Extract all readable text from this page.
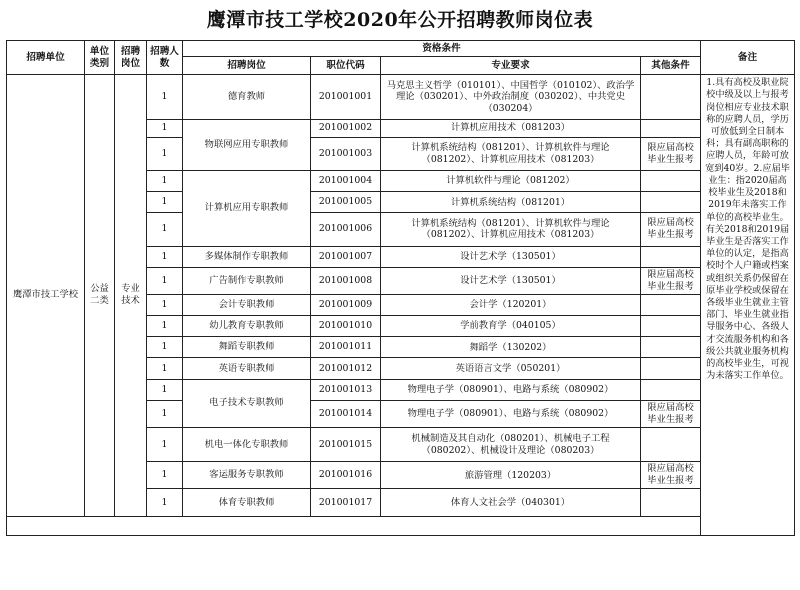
鹰潭市技工学校2020年公开招聘教师岗位表
招聘单位	单位类别	招聘岗位	招聘人数	资格条件				备注
				招聘岗位	职位代码	专业要求	其他条件	
鹰潭市技工学校	公益二类	专业技术	1	德育教师	201001001	马克思主义哲学（010101）、中国哲学（010102）、政治学理论（030201）、中外政治制度（030202）、中共党史（030204）		1.具有高校及职业院校中级及以上与报考岗位相应专业技术职称的应聘人员，学历可放低到全日制本科；具有副高职称的应聘人员，年龄可放宽到40岁。2.应届毕业生：指2020届高校毕业生及2018和2019年未落实工作单位的高校毕业生。有关2018和2019届毕业生是否落实工作单位的认定，是指高校时个人户籍或档案或组织关系仍保留在原毕业学校或保留在各级毕业生就业主管部门、毕业生就业指导服务中心、各级人才交流服务机构和各级公共就业服务机构的高校毕业生，可视为未落实工作单位。

			1	物联网应用专职教师	201001002	计算机应用技术（081203）		
			1		201001003	计算机系统结构（081201）、计算机软件与理论（081202）、计算机应用技术（081203）	限应届高校毕业生报考	
			1	计算机应用专职教师	201001004	计算机软件与理论（081202）		
			1		201001005	计算机系统结构（081201）		
			1		201001006	计算机系统结构（081201）、计算机软件与理论（081202）、计算机应用技术（081203）	限应届高校毕业生报考	
			1	多媒体制作专职教师	201001007	设计艺术学（130501）		
			1	广告制作专职教师	201001008	设计艺术学（130501）	限应届高校毕业生报考	
			1	会计专职教师	201001009	会计学（120201）		
			1	幼儿教育专职教师	201001010	学前教育学（040105）		
			1	舞蹈专职教师	201001011	舞蹈学（130202）		
			1	英语专职教师	201001012	英语语言文学（050201）		
			1	电子技术专职教师	201001013	物理电子学（080901）、电路与系统（080902）		
			1		201001014	物理电子学（080901）、电路与系统（080902）	限应届高校毕业生报考	
			1	机电一体化专职教师	201001015	机械制造及其自动化（080201）、机械电子工程（080202）、机械设计及理论（080203）		
			1	客运服务专职教师	201001016	旅游管理（120203）	限应届高校毕业生报考	
			1	体育专职教师	201001017	体育人文社会学（040301）		
